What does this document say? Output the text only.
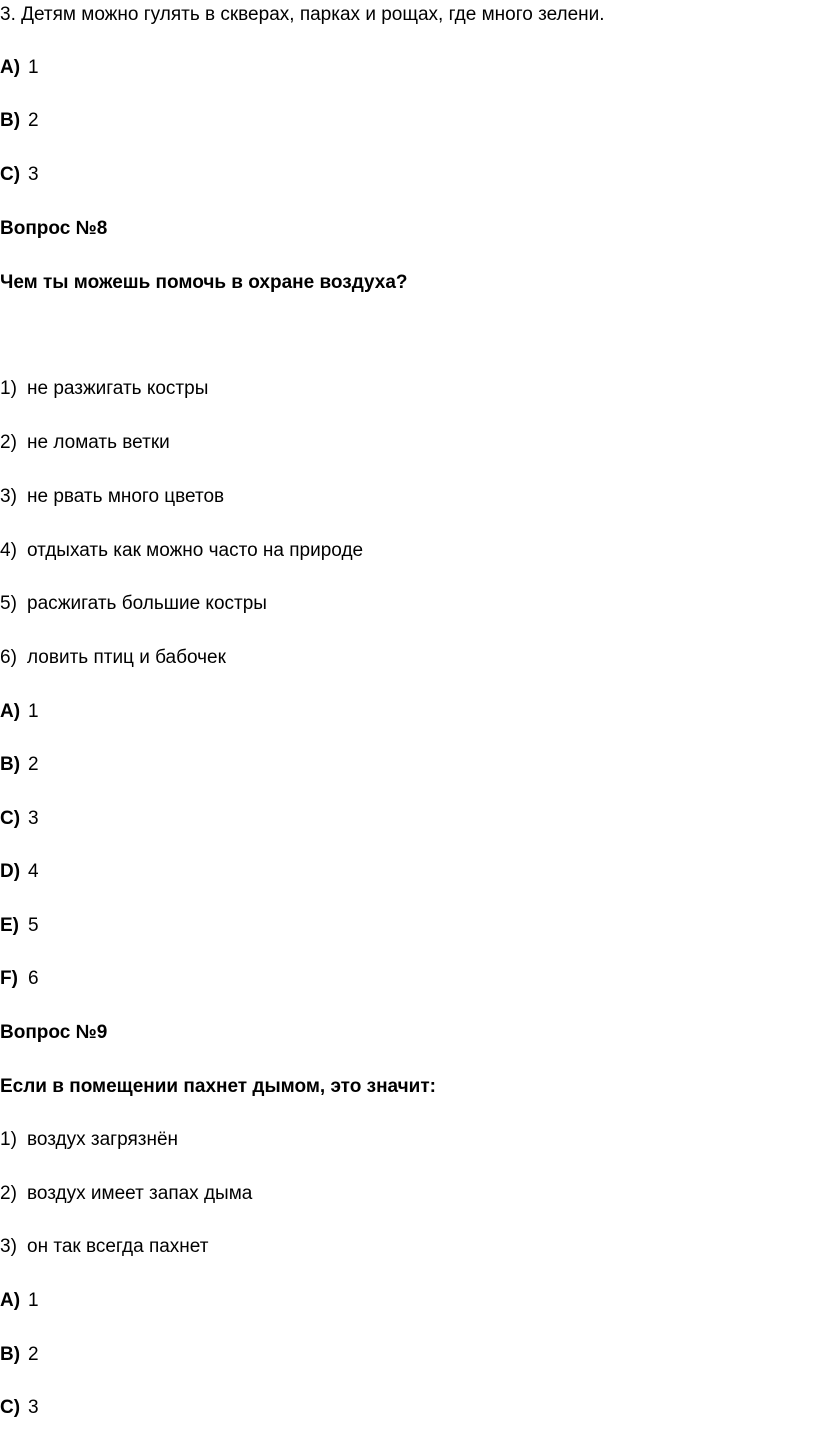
3. Детям можно гулять в скверах, парках и рощах, где много зелени.
A) 1
B) 2
C) 3
Вопрос №8
Чем ты можешь помочь в охране воздуха?
1) не разжигать костры
2) не ломать ветки
3) не рвать много цветов
4) отдыхать как можно часто на природе
5) расжигать большие костры
6) ловить птиц и бабочек
A) 1
B) 2
C) 3
D) 4
E) 5
F) 6
Вопрос №9
Если в помещении пахнет дымом, это значит:
1) воздух загрязнён
2) воздух имеет запах дыма
3) он так всегда пахнет
A) 1
B) 2
C) 3
